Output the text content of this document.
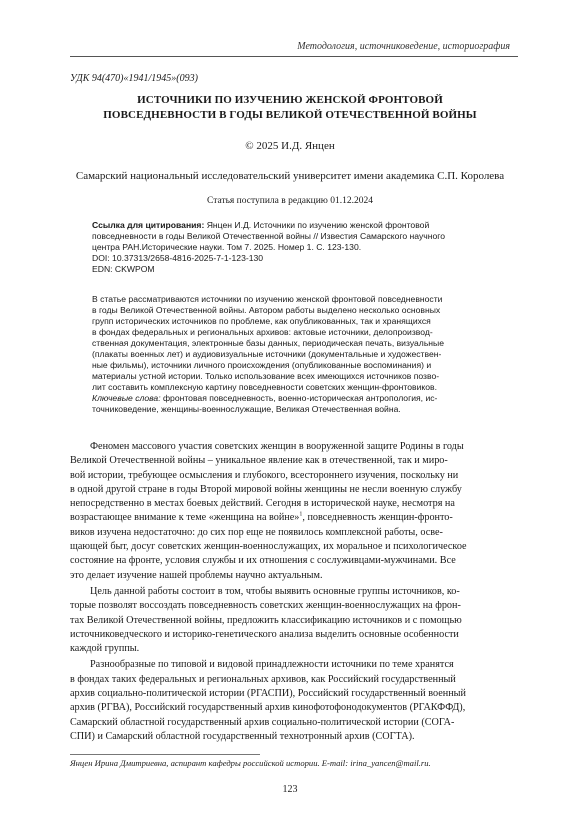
Методология, источниковедение, историография
УДК 94(470)«1941/1945»(093)
ИСТОЧНИКИ ПО ИЗУЧЕНИЮ ЖЕНСКОЙ ФРОНТОВОЙ
ПОВСЕДНЕВНОСТИ В ГОДЫ ВЕЛИКОЙ ОТЕЧЕСТВЕННОЙ ВОЙНЫ
© 2025 И.Д. Янцен
Самарский национальный исследовательский университет имени академика С.П. Королева
Статья поступила в редакцию 01.12.2024
Ссылка для цитирования: Янцен И.Д. Источники по изучению женской фронтовой
повседневности в годы Великой Отечественной войны // Известия Самарского научного
центра РАН.Исторические науки. Том 7. 2025. Номер 1. С. 123-130.
DOI: 10.37313/2658-4816-2025-7-1-123-130
EDN: CKWPOM
В статье рассматриваются источники по изучению женской фронтовой повседневности
в годы Великой Отечественной войны. Автором работы выделено несколько основных
групп исторических источников по проблеме, как опубликованных, так и хранящихся
в фондах федеральных и региональных архивов: актовые источники, делопроизвод-
ственная документация, электронные базы данных, периодическая печать, визуальные
(плакаты военных лет) и аудиовизуальные источники (документальные и художествен-
ные фильмы), источники личного происхождения (опубликованные воспоминания) и
материалы устной истории. Только использование всех имеющихся источников позво-
лит составить комплексную картину повседневности советских женщин-фронтовиков.
Ключевые слова: фронтовая повседневность, военно-историческая антропология, ис-
точниковедение, женщины-военнослужащие, Великая Отечественная война.
Феномен массового участия советских женщин в вооруженной защите Родины в годы
Великой Отечественной войны – уникальное явление как в отечественной, так и миро-
вой истории, требующее осмысления и глубокого, всестороннего изучения, поскольку ни
в одной другой стране в годы Второй мировой войны женщины не несли военную службу
непосредственно в местах боевых действий. Сегодня в исторической науке, несмотря на
возрастающее внимание к теме «женщина на войне»$^1$, повседневность женщин-фронто-
виков изучена недостаточно: до сих пор еще не появилось комплексной работы, осве-
щающей быт, досуг советских женщин-военнослужащих, их моральное и психологическое
состояние на фронте, условия службы и их отношения с сослуживцами-мужчинами. Все
это делает изучение нашей проблемы научно актуальным.
Цель данной работы состоит в том, чтобы выявить основные группы источников, ко-
торые позволят воссоздать повседневность советских женщин-военнослужащих на фрон-
тах Великой Отечественной войны, предложить классификацию источников и с помощью
источниковедческого и историко-генетического анализа выделить основные особенности
каждой группы.
Разнообразные по типовой и видовой принадлежности источники по теме хранятся
в фондах таких федеральных и региональных архивов, как Российский государственный
архив социально-политической истории (РГАСПИ), Российский государственный военный
архив (РГВА), Российский государственный архив кинофотофонодокументов (РГАКФФД),
Самарский областной государственный архив социально-политической истории (СОГА-
СПИ) и Самарский областной государственный технотронный архив (СОГТА).
Янцен Ирина Дмитриевна, аспирант кафедры российской истории. E-mail: irina_yancen@mail.ru.
123
